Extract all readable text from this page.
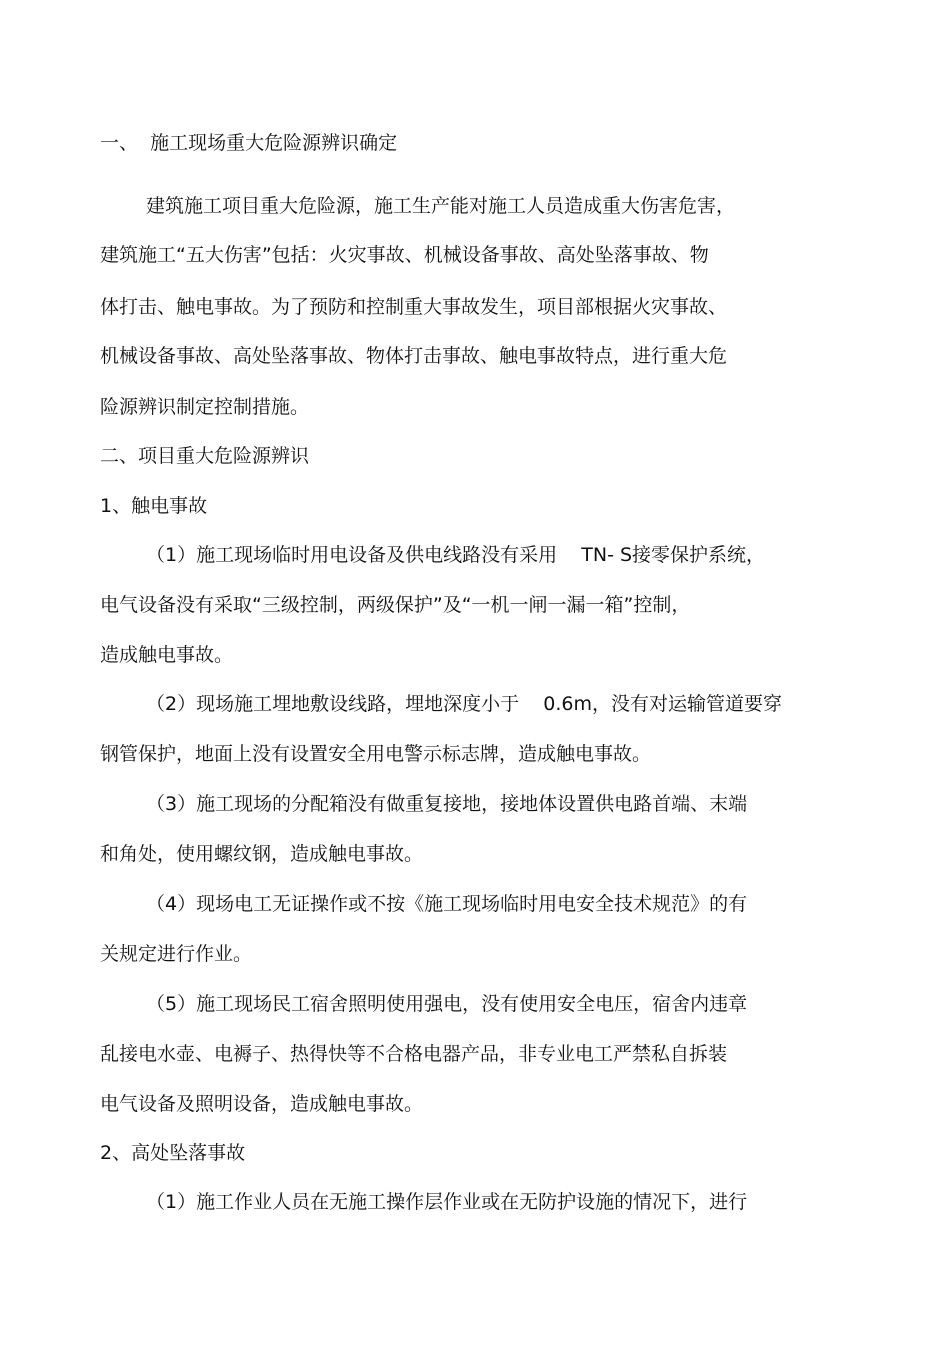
一、  施工现场重大危险源辨识确定
建筑施工项目重大危险源，施工生产能对施工人员造成重大伤害危害，
建筑施工“五大伤害”包括：火灾事故、机械设备事故、高处坠落事故、物
体打击、触电事故。为了预防和控制重大事故发生，项目部根据火灾事故、
机械设备事故、高处坠落事故、物体打击事故、触电事故特点，进行重大危
险源辨识制定控制措施。
二、项目重大危险源辨识
1、触电事故
（1）施工现场临时用电设备及供电线路没有采用    TN- S接零保护系统，
电气设备没有采取“三级控制，两级保护”及“一机一闸一漏一箱”控制，
造成触电事故。
（2）现场施工埋地敷设线路，埋地深度小于    0.6m，没有对运输管道要穿
钢管保护，地面上没有设置安全用电警示标志牌，造成触电事故。
（3）施工现场的分配箱没有做重复接地，接地体设置供电路首端、末端
和角处，使用螺纹钢，造成触电事故。
（4）现场电工无证操作或不按《施工现场临时用电安全技术规范》的有
关规定进行作业。
（5）施工现场民工宿舍照明使用强电，没有使用安全电压，宿舍内违章
乱接电水壶、电褥子、热得快等不合格电器产品，非专业电工严禁私自拆装
电气设备及照明设备，造成触电事故。
2、高处坠落事故
（1）施工作业人员在无施工操作层作业或在无防护设施的情况下，进行
